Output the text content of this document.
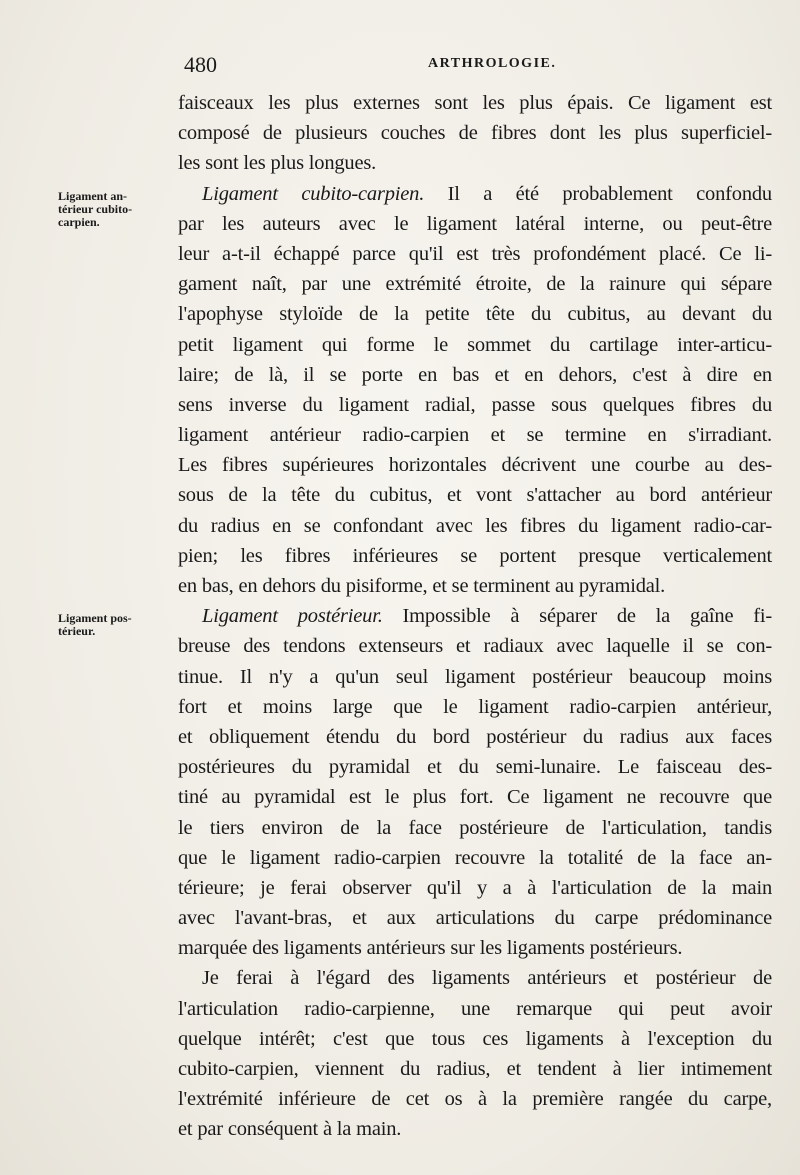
480	ARTHROLOGIE.
Ligament an-
térieur cubito-
carpien.
Ligament pos-
térieur.
faisceaux les plus externes sont les plus épais. Ce ligament est
composé de plusieurs couches de fibres dont les plus superficiel-
les sont les plus longues.
Ligament cubito-carpien. Il a été probablement confondu
par les auteurs avec le ligament latéral interne, ou peut-être
leur a-t-il échappé parce qu'il est très profondément placé. Ce li-
gament naît, par une extrémité étroite, de la rainure qui sépare
l'apophyse styloïde de la petite tête du cubitus, au devant du
petit ligament qui forme le sommet du cartilage inter-articu-
laire; de là, il se porte en bas et en dehors, c'est à dire en
sens inverse du ligament radial, passe sous quelques fibres du
ligament antérieur radio-carpien et se termine en s'irradiant.
Les fibres supérieures horizontales décrivent une courbe au des-
sous de la tête du cubitus, et vont s'attacher au bord antérieur
du radius en se confondant avec les fibres du ligament radio-car-
pien; les fibres inférieures se portent presque verticalement
en bas, en dehors du pisiforme, et se terminent au pyramidal.
Ligament postérieur. Impossible à séparer de la gaîne fi-
breuse des tendons extenseurs et radiaux avec laquelle il se con-
tinue. Il n'y a qu'un seul ligament postérieur beaucoup moins
fort et moins large que le ligament radio-carpien antérieur,
et obliquement étendu du bord postérieur du radius aux faces
postérieures du pyramidal et du semi-lunaire. Le faisceau des-
tiné au pyramidal est le plus fort. Ce ligament ne recouvre que
le tiers environ de la face postérieure de l'articulation, tandis
que le ligament radio-carpien recouvre la totalité de la face an-
térieure; je ferai observer qu'il y a à l'articulation de la main
avec l'avant-bras, et aux articulations du carpe prédominance
marquée des ligaments antérieurs sur les ligaments postérieurs.
Je ferai à l'égard des ligaments antérieurs et postérieur de
l'articulation radio-carpienne, une remarque qui peut avoir
quelque intérêt; c'est que tous ces ligaments à l'exception du
cubito-carpien, viennent du radius, et tendent à lier intimement
l'extrémité inférieure de cet os à la première rangée du carpe,
et par conséquent à la main.
